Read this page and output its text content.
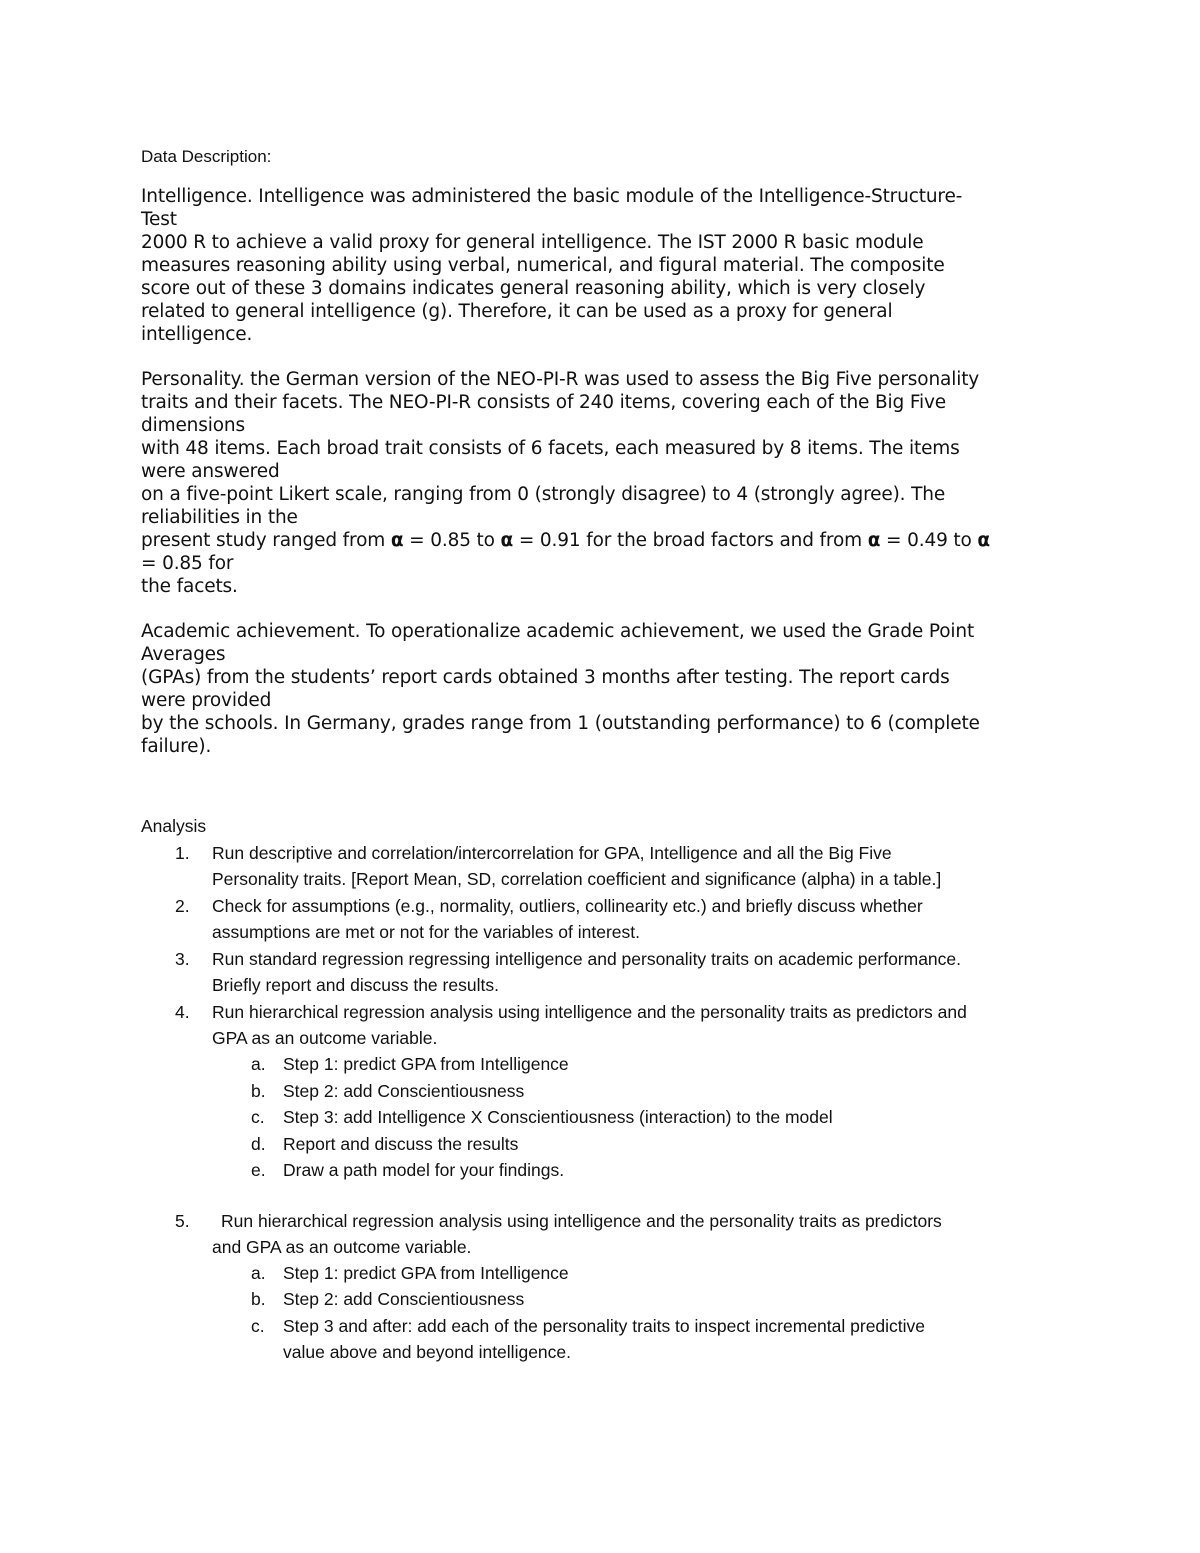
Data Description:
Intelligence. Intelligence was administered the basic module of the Intelligence-Structure-
Test
2000 R to achieve a valid proxy for general intelligence. The IST 2000 R basic module
measures reasoning ability using verbal, numerical, and figural material. The composite
score out of these 3 domains indicates general reasoning ability, which is very closely
related to general intelligence (g). Therefore, it can be used as a proxy for general
intelligence.
Personality. the German version of the NEO-PI-R was used to assess the Big Five personality
traits and their facets. The NEO-PI-R consists of 240 items, covering each of the Big Five
dimensions
with 48 items. Each broad trait consists of 6 facets, each measured by 8 items. The items
were answered
on a five-point Likert scale, ranging from 0 (strongly disagree) to 4 (strongly agree). The
reliabilities in the
present study ranged from α = 0.85 to α = 0.91 for the broad factors and from α = 0.49 to α
= 0.85 for
the facets.
Academic achievement. To operationalize academic achievement, we used the Grade Point
Averages
(GPAs) from the students’ report cards obtained 3 months after testing. The report cards
were provided
by the schools. In Germany, grades range from 1 (outstanding performance) to 6 (complete
failure).
Analysis
1. Run descriptive and correlation/intercorrelation for GPA, Intelligence and all the Big Five
Personality traits. [Report Mean, SD, correlation coefficient and significance (alpha) in a table.]
2. Check for assumptions (e.g., normality, outliers, collinearity etc.) and briefly discuss whether
assumptions are met or not for the variables of interest.
3. Run standard regression regressing intelligence and personality traits on academic performance.
Briefly report and discuss the results.
4. Run hierarchical regression analysis using intelligence and the personality traits as predictors and
GPA as an outcome variable.
a. Step 1: predict GPA from Intelligence
b. Step 2: add Conscientiousness
c. Step 3: add Intelligence X Conscientiousness (interaction) to the model
d. Report and discuss the results
e. Draw a path model for your findings.
5.	Run hierarchical regression analysis using intelligence and the personality traits as predictors
and GPA as an outcome variable.
a. Step 1: predict GPA from Intelligence
b. Step 2: add Conscientiousness
c. Step 3 and after: add each of the personality traits to inspect incremental predictive
value above and beyond intelligence.
